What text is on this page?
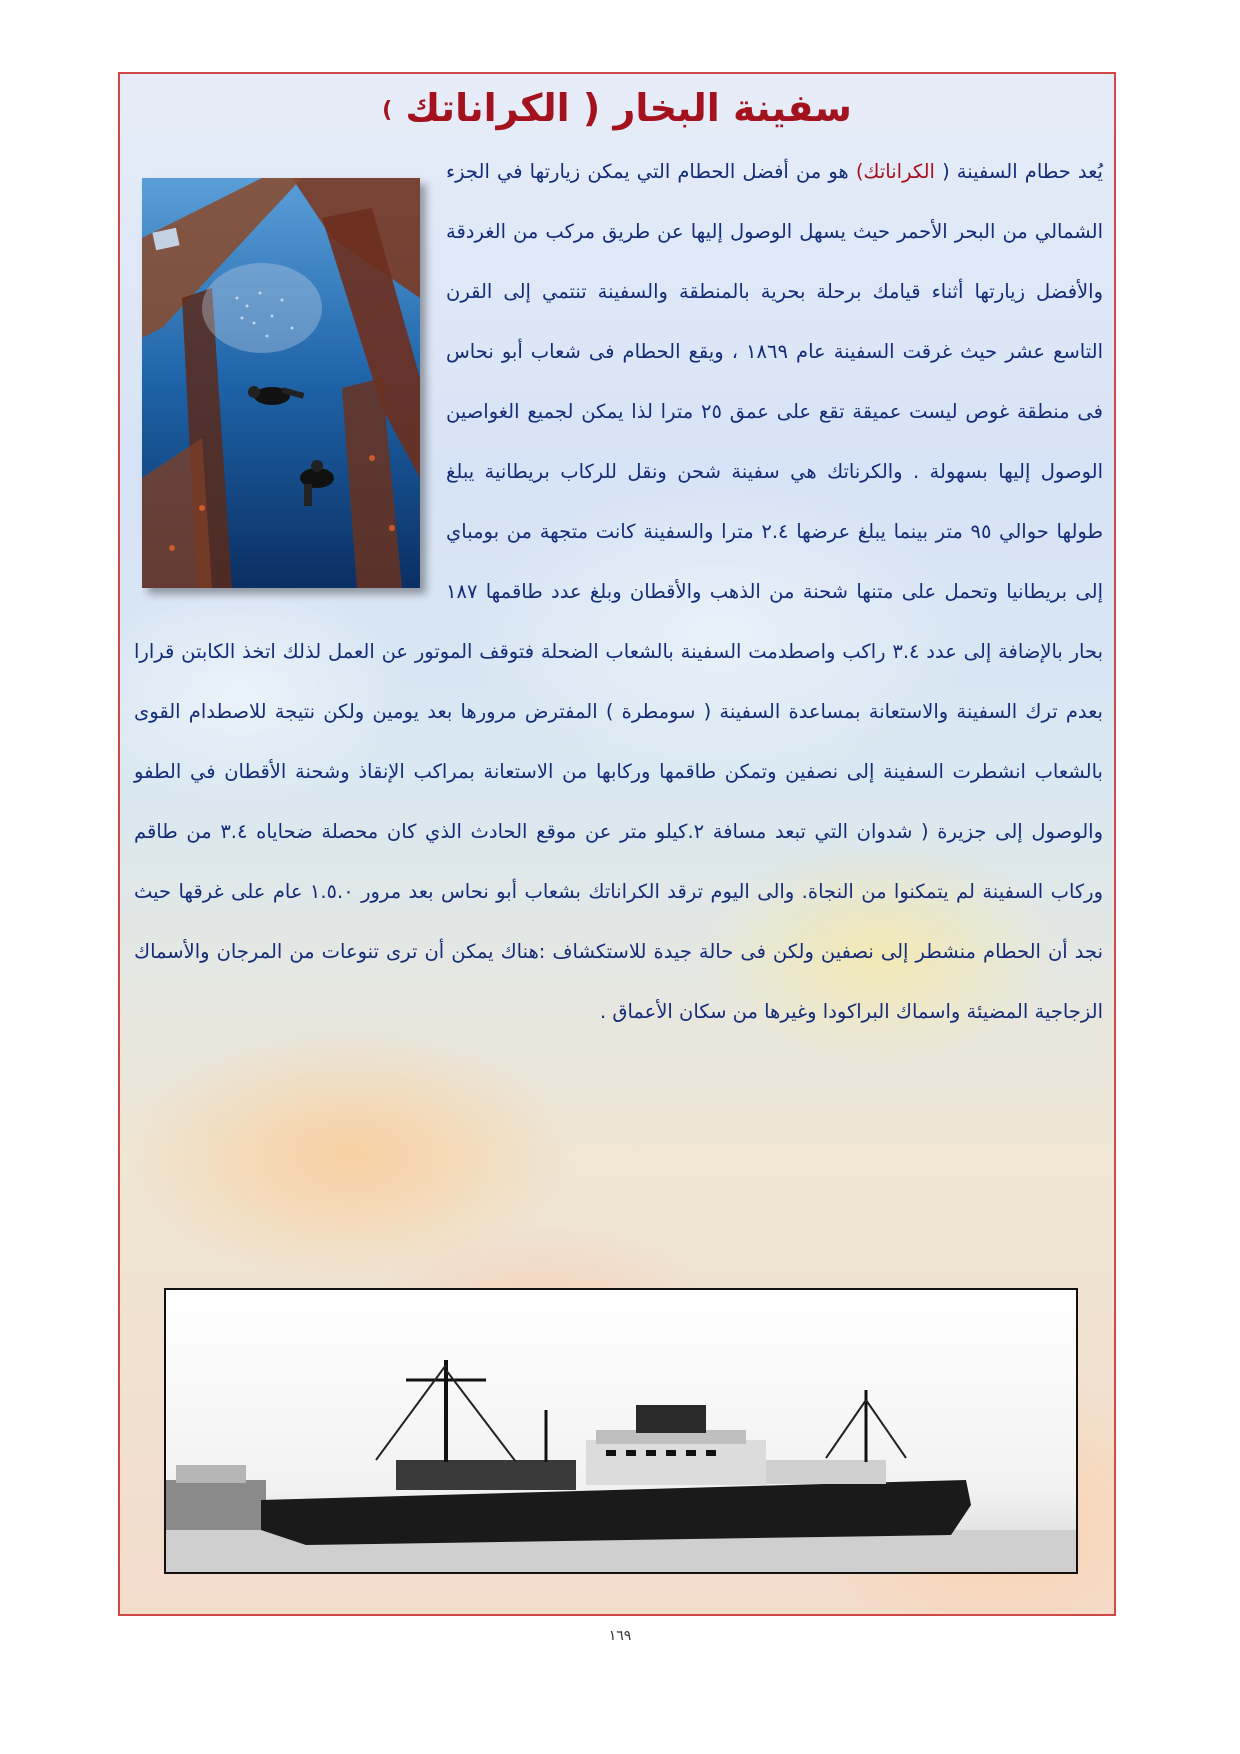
سفينة البخار ( الكراناتك )

يُعد حطام السفينة ( الكراناتك) هو من أفضل الحطام التي يمكن زيارتها في الجزء الشمالي من البحر الأحمر حيث يسهل الوصول إليها عن طريق مركب من الغردقة والأفضل زيارتها أثناء قيامك برحلة بحرية بالمنطقة والسفينة تنتمي إلى القرن التاسع عشر حيث غرقت السفينة عام ١٨٦٩ ، ويقع الحطام فى شعاب أبو نحاس فى منطقة غوص ليست عميقة تقع على عمق ٢٥ مترا لذا يمكن لجميع الغواصين الوصول إليها بسهولة . والكرناتك هي سفينة شحن ونقل للركاب بريطانية يبلغ طولها حوالي ٩٥ متر بينما يبلغ عرضها ٢.٤ مترا والسفينة كانت متجهة من بومباي إلى بريطانيا وتحمل على متنها شحنة من الذهب والأقطان وبلغ عدد طاقمها ١٨٧ بحار بالإضافة إلى عدد ٣.٤ راكب واصطدمت السفينة بالشعاب الضحلة فتوقف الموتور عن العمل لذلك اتخذ الكابتن قرارا بعدم ترك السفينة والاستعانة بمساعدة السفينة ( سومطرة ) المفترض مرورها بعد يومين ولكن نتيجة للاصطدام القوى بالشعاب انشطرت السفينة إلى نصفين وتمكن طاقمها وركابها من الاستعانة بمراكب الإنقاذ وشحنة الأقطان في الطفو والوصول إلى جزيرة ( شدوان التي تبعد مسافة ٢.كيلو متر عن موقع الحادث الذي كان محصلة ضحاياه ٣.٤ من طاقم وركاب السفينة لم يتمكنوا من النجاة. والى اليوم ترقد الكراناتك بشعاب أبو نحاس بعد مرور ١.٥.٠ عام على غرقها حيث نجد أن الحطام منشطر إلى نصفين ولكن فى حالة جيدة للاستكشاف :هناك يمكن أن ترى تنوعات من المرجان والأسماك الزجاجية المضيئة واسماك البراكودا وغيرها من سكان الأعماق .

١٦٩
